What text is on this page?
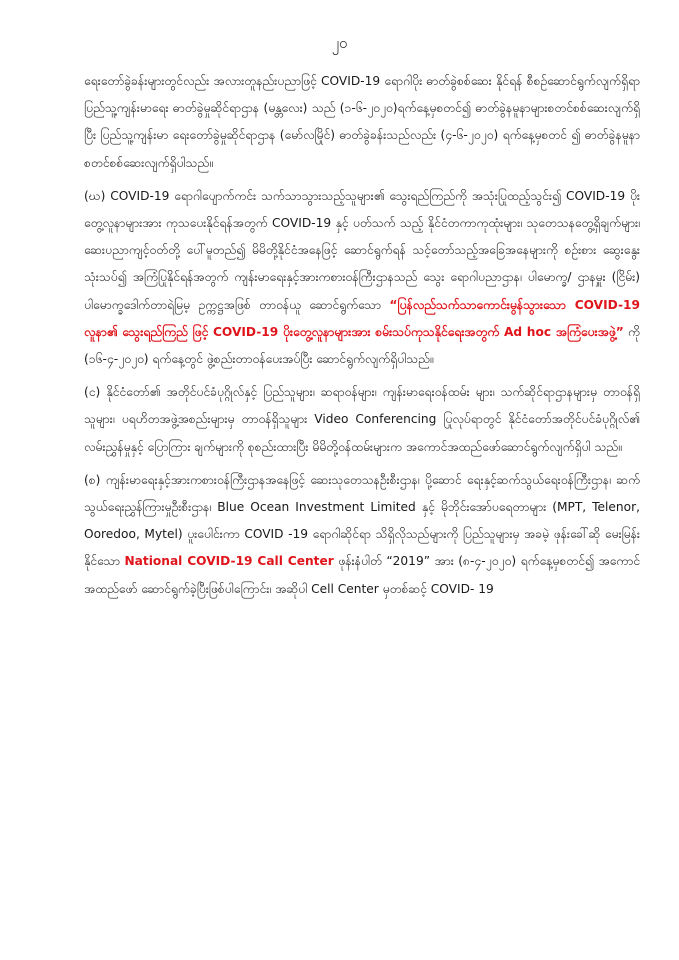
၂၀

ရေးတော်ခွဲခန်းများတွင်လည်း အလားတူနည်းပညာဖြင့် COVID-19 ရောဂါပိုး ဓာတ်ခွဲစစ်ဆေး နိုင်ရန် စီစဉ်ဆောင်ရွက်လျက်ရှိရာ ပြည်သူ့ကျန်းမာရေး ဓာတ်ခွဲမှုဆိုင်ရာဌာန (မန္တလေး) သည် (၁-၆-၂၀၂၀)ရက်နေ့မှစတင်၍ ဓာတ်ခွဲနမူနာများစတင်စစ်ဆေးလျက်ရှိပြီး ပြည်သူ့ကျန်းမာ ရေးတော်ခွဲမှုဆိုင်ရာဌာန (မော်လမြိုင်) ဓာတ်ခွဲခန်းသည်လည်း (၄-၆-၂၀၂၀) ရက်နေ့မှစတင် ၍ ဓာတ်ခွဲနမူနာ စတင်စစ်ဆေးလျက်ရှိပါသည်။

(ဃ) COVID-19 ရောဂါပျောက်ကင်း သက်သာသွားသည့်သူများ၏ သွေးရည်ကြည်ကို အသုံးပြုထည့်သွင်း၍ COVID-19 ပိုးတွေ့လူနာများအား ကုသပေးနိုင်ရန်အတွက် COVID-19 နှင့် ပတ်သက် သည့် နိုင်ငံတကာကုထုံးများ၊ သုတေသနတွေ့ရှိချက်များ၊ ဆေးပညာကျင့်ဝတ်တို့ ပေါ်မူတည်၍ မိမိတို့နိုင်ငံအနေဖြင့် ဆောင်ရွက်ရန် သင့်တော်သည့်အခြေအနေများကို စဉ်းစား ဆွေးနွေးသုံးသပ်၍ အကြံပြုနိုင်ရန်အတွက် ကျန်းမာရေးနှင့်အားကစားဝန်ကြီးဌာနသည် သွေး ရောဂါပညာဌာန၊ ပါမောက္ခ/ ဌာနမှူး (ငြိမ်း) ပါမောက္ခဒေါက်တာရဲမြမ့ ဥက္ကဋ္ဌအဖြစ် တာဝန်ယူ ဆောင်ရွက်သော “ပြန်လည်သက်သာကောင်းမွန်သွားသော COVID-19 လူနာ၏ သွေးရည်ကြည် ဖြင့် COVID-19 ပိုးတွေ့လူနာများအား စမ်းသပ်ကုသနိုင်ရေးအတွက် Ad hoc အကြံပေးအဖွဲ့” ကို (၁၆-၄-၂၀၂၀) ရက်နေ့တွင် ဖွဲ့စည်းတာဝန်ပေးအပ်ပြီး ဆောင်ရွက်လျက်ရှိပါသည်။

(င) နိုင်ငံတော်၏ အတိုင်ပင်ခံပုဂ္ဂိုလ်နှင့် ပြည်သူများ၊ ဆရာဝန်များ၊ ကျန်းမာရေးဝန်ထမ်း များ၊ သက်ဆိုင်ရာဌာနများမှ တာဝန်ရှိသူများ၊ ပရဟိတအဖွဲ့အစည်းများမှ တာဝန်ရှိသူများ Video Conferencing ပြုလုပ်ရာတွင် နိုင်ငံတော်အတိုင်ပင်ခံပုဂ္ဂိုလ်၏ လမ်းညွှန်မှုနှင့် ပြောကြား ချက်များကို စုစည်းထားပြီး မိမိတို့ဝန်ထမ်းများက အကောင်အထည်ဖော်ဆောင်ရွက်လျက်ရှိပါ သည်။

(စ) ကျန်းမာရေးနှင့်အားကစားဝန်ကြီးဌာနအနေဖြင့် ဆေးသုတေသနဦးစီးဌာန၊ ပို့ဆောင် ရေးနှင့်ဆက်သွယ်ရေးဝန်ကြီးဌာန၊ ဆက်သွယ်ရေးညွှန်ကြားမှုဦးစီးဌာန၊ Blue Ocean Investment Limited နှင့် မိုဘိုင်းအော်ပရေတာများ (MPT, Telenor, Ooredoo, Mytel) ပူးပေါင်းကာ COVID -19 ရောဂါဆိုင်ရာ သိရှိလိုသည်များကို ပြည်သူများမှ အခမဲ့ ဖုန်းခေါ်ဆို မေးမြန်းနိုင်သော National COVID-19 Call Center ဖုန်းနံပါတ် “2019” အား (၈-၄-၂၀၂၀) ရက်နေ့မှစတင်၍ အကောင် အထည်ဖော် ဆောင်ရွက်ခဲ့ပြီးဖြစ်ပါကြောင်း၊ အဆိုပါ Cell Center မှတစ်ဆင့် COVID- 19
